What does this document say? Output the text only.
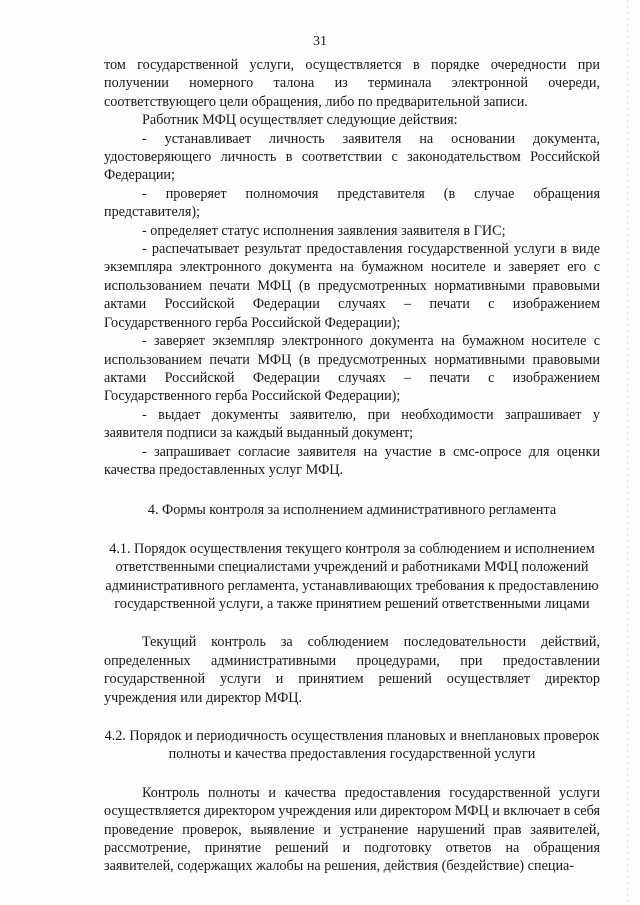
31

том государственной услуги, осуществляется в порядке очередности при получении номерного талона из терминала электронной очереди, соответствующего цели обращения, либо по предварительной записи.

Работник МФЦ осуществляет следующие действия:

- устанавливает личность заявителя на основании документа, удостоверяющего личность в соответствии с законодательством Российской Федерации;

- проверяет полномочия представителя (в случае обращения представителя);

- определяет статус исполнения заявления заявителя в ГИС;

- распечатывает результат предоставления государственной услуги в виде экземпляра электронного документа на бумажном носителе и заверяет его с использованием печати МФЦ (в предусмотренных нормативными правовыми актами Российской Федерации случаях – печати с изображением Государственного герба Российской Федерации);

- заверяет экземпляр электронного документа на бумажном носителе с использованием печати МФЦ (в предусмотренных нормативными правовыми актами Российской Федерации случаях – печати с изображением Государственного герба Российской Федерации);

- выдает документы заявителю, при необходимости запрашивает у заявителя подписи за каждый выданный документ;

- запрашивает согласие заявителя на участие в смс-опросе для оценки качества предоставленных услуг МФЦ.

4. Формы контроля за исполнением административного регламента

4.1. Порядок осуществления текущего контроля за соблюдением и исполнением ответственными специалистами учреждений и работниками МФЦ положений административного регламента, устанавливающих требования к предоставлению государственной услуги, а также принятием решений ответственными лицами

Текущий контроль за соблюдением последовательности действий, определенных административными процедурами, при предоставлении государственной услуги и принятием решений осуществляет директор учреждения или директор МФЦ.

4.2. Порядок и периодичность осуществления плановых и внеплановых проверок полноты и качества предоставления государственной услуги

Контроль полноты и качества предоставления государственной услуги осуществляется директором учреждения или директором МФЦ и включает в себя проведение проверок, выявление и устранение нарушений прав заявителей, рассмотрение, принятие решений и подготовку ответов на обращения заявителей, содержащих жалобы на решения, действия (бездействие) специа-
